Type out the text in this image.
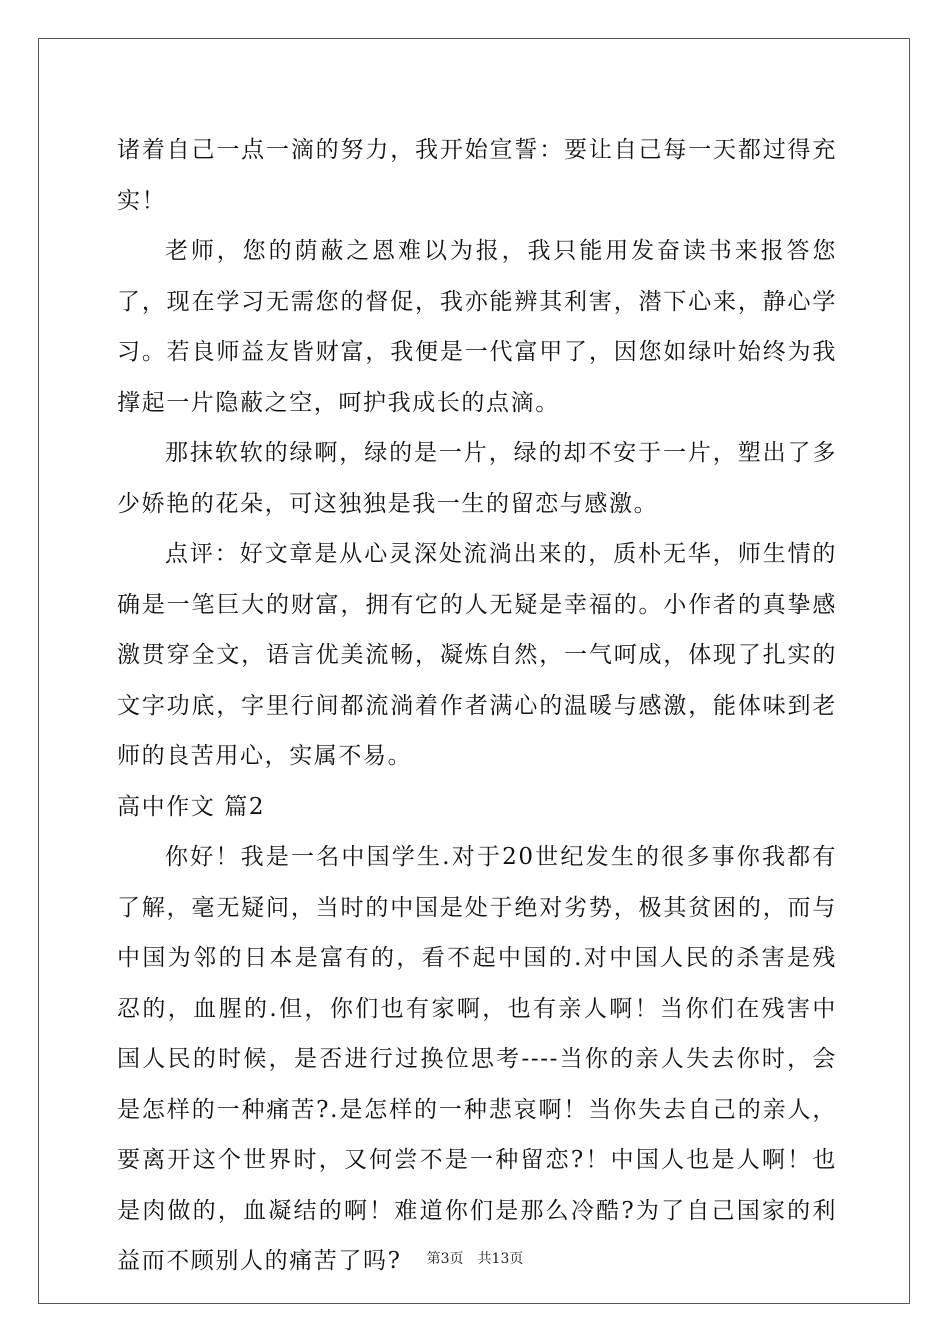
诸着自己一点一滴的努力，我开始宣誓：要让自己每一天都过得充实！

老师，您的荫蔽之恩难以为报，我只能用发奋读书来报答您了，现在学习无需您的督促，我亦能辨其利害，潜下心来，静心学习。若良师益友皆财富，我便是一代富甲了，因您如绿叶始终为我撑起一片隐蔽之空，呵护我成长的点滴。

那抹软软的绿啊，绿的是一片，绿的却不安于一片，塑出了多少娇艳的花朵，可这独独是我一生的留恋与感激。

点评：好文章是从心灵深处流淌出来的，质朴无华，师生情的确是一笔巨大的财富，拥有它的人无疑是幸福的。小作者的真挚感激贯穿全文，语言优美流畅，凝炼自然，一气呵成，体现了扎实的文字功底，字里行间都流淌着作者满心的温暖与感激，能体味到老师的良苦用心，实属不易。

高中作文 篇2

你好！我是一名中国学生.对于20世纪发生的很多事你我都有了解，毫无疑问，当时的中国是处于绝对劣势，极其贫困的，而与中国为邻的日本是富有的，看不起中国的.对中国人民的杀害是残忍的，血腥的.但，你们也有家啊，也有亲人啊！当你们在残害中国人民的时候，是否进行过换位思考----当你的亲人失去你时，会是怎样的一种痛苦?.是怎样的一种悲哀啊！当你失去自己的亲人，要离开这个世界时，又何尝不是一种留恋?！中国人也是人啊！也是肉做的，血凝结的啊！难道你们是那么冷酷?为了自己国家的利益而不顾别人的痛苦了吗?	第3页 共13页
